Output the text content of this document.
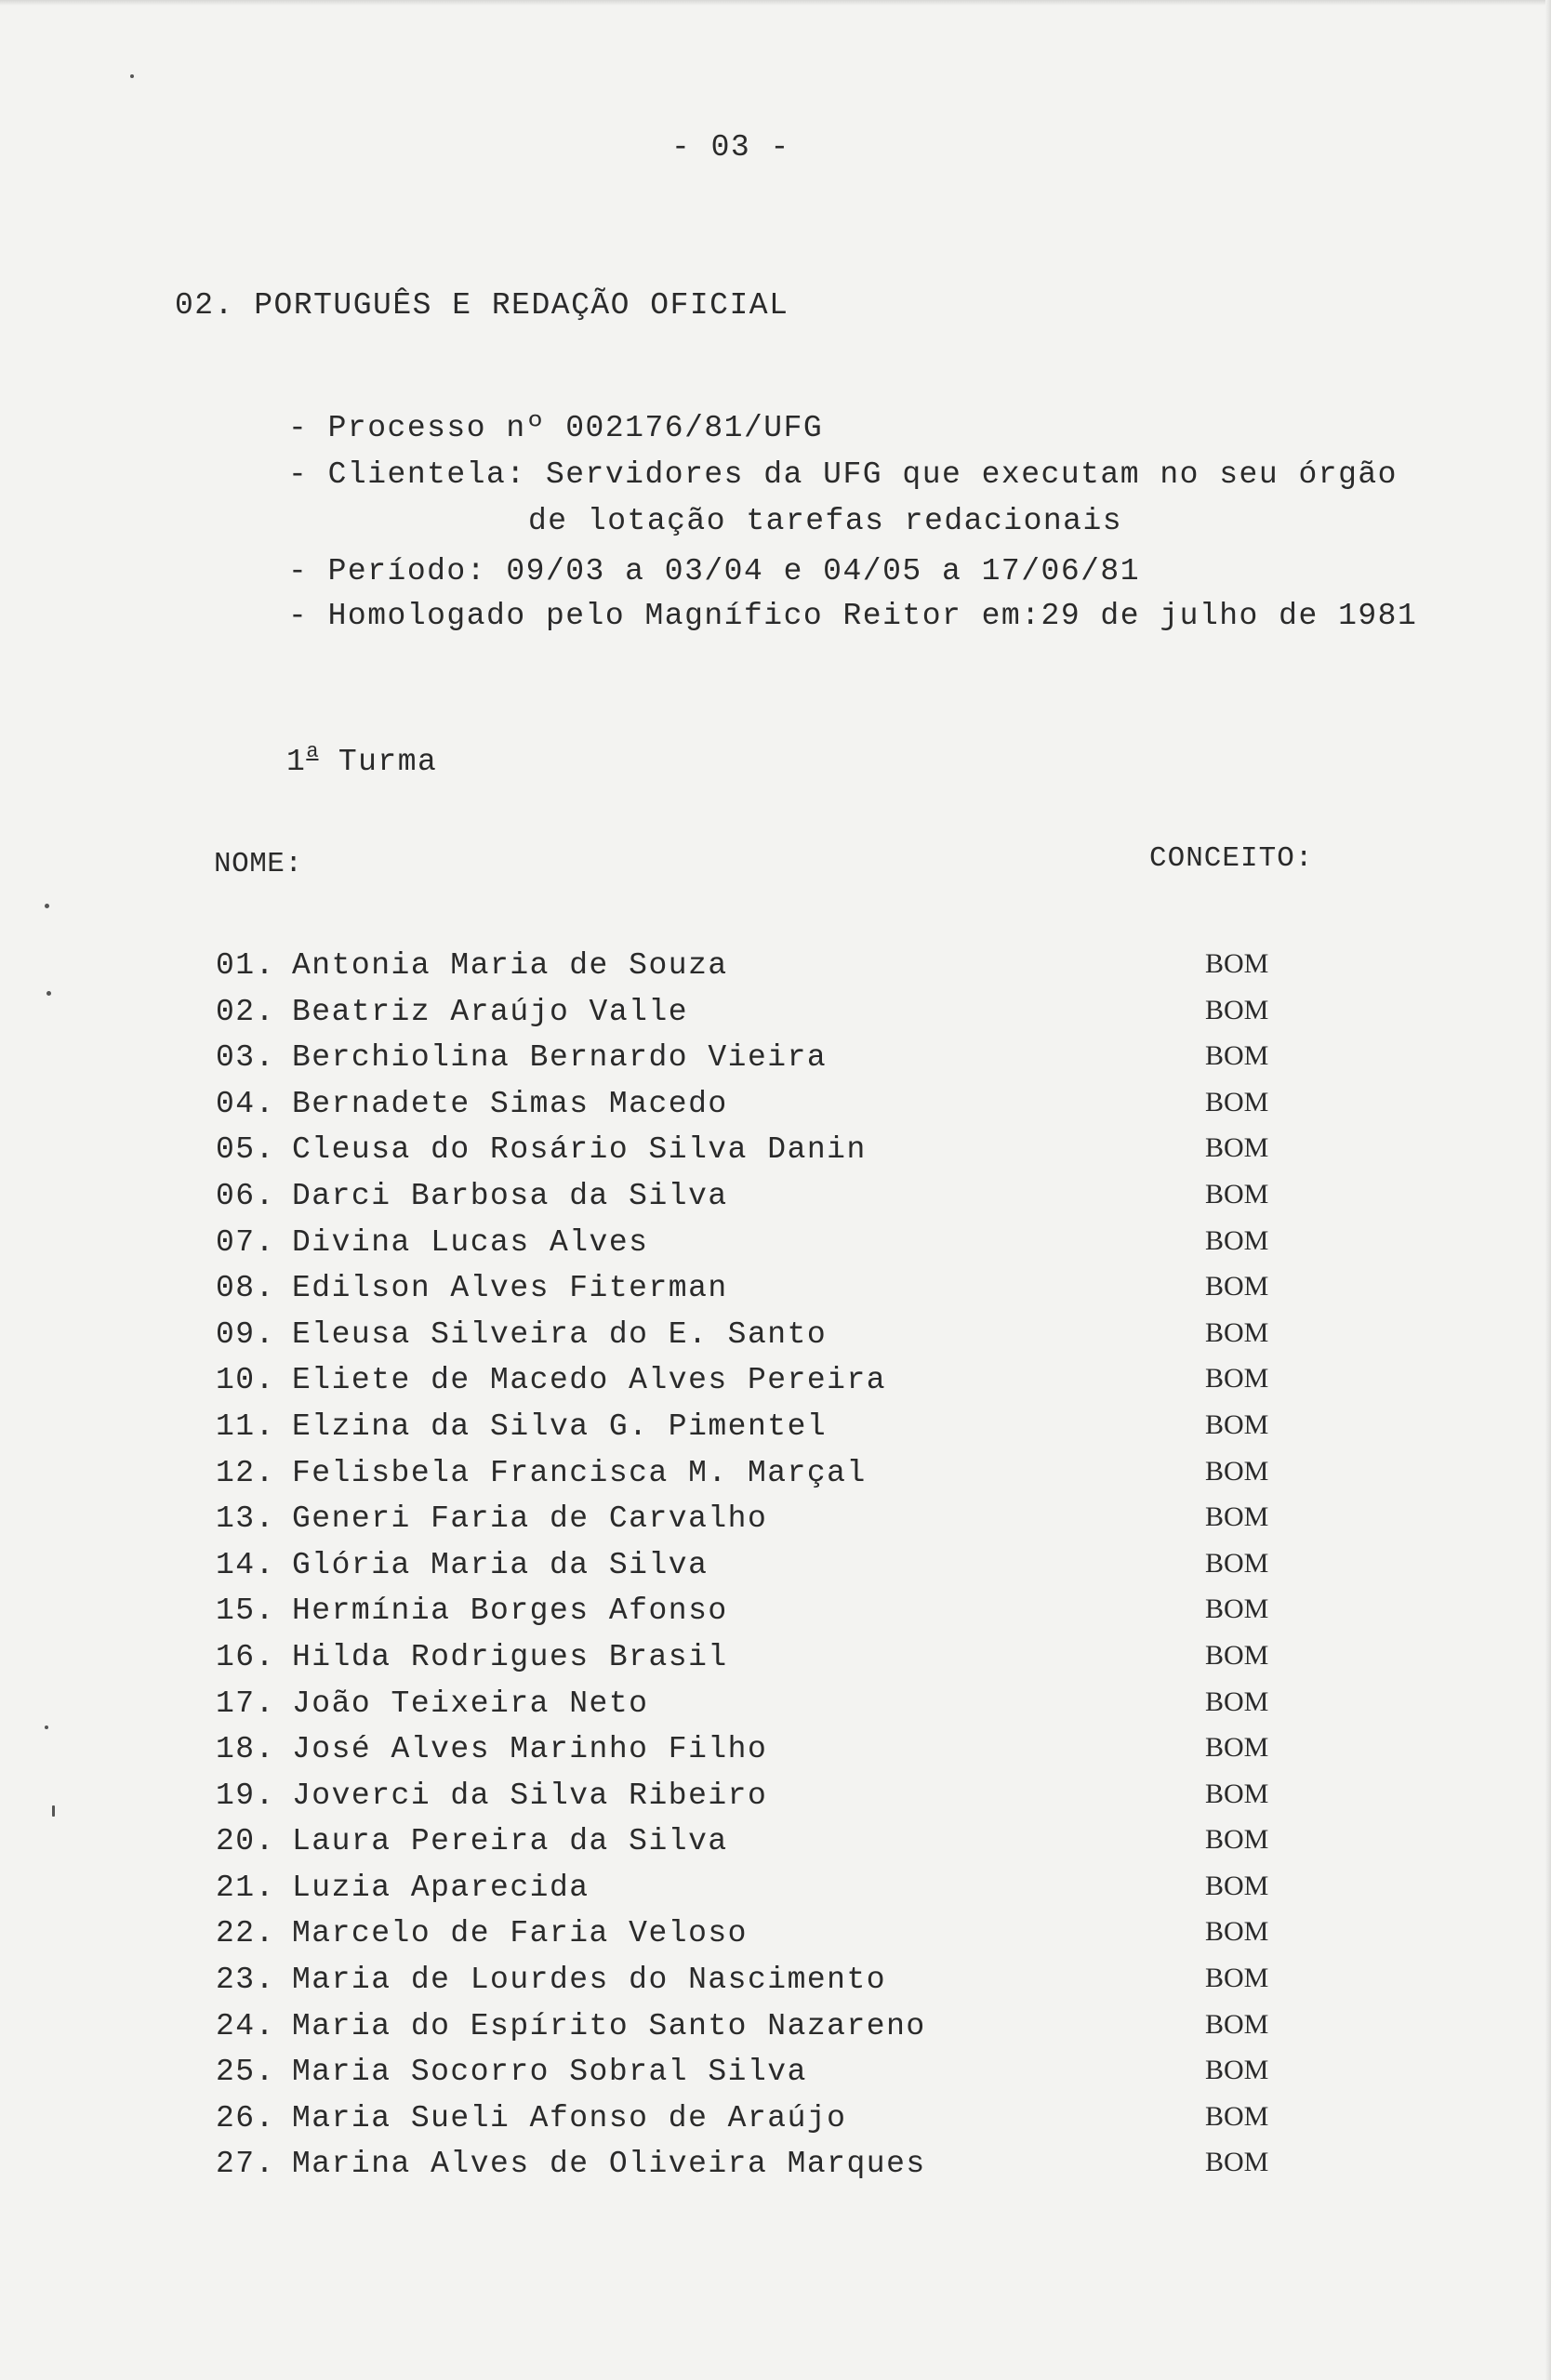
- 03 -
02. PORTUGUÊS E REDAÇÃO OFICIAL
- Processo nº 002176/81/UFG
- Clientela: Servidores da UFG que executam no seu órgão
de lotação tarefas redacionais
- Período: 09/03 a 03/04 e 04/05 a 17/06/81
- Homologado pelo Magnífico Reitor em:29 de julho de 1981
1$^a$ Turma
NOME:	CONCEITO:
01. Antonia Maria de Souza	BOM
02. Beatriz Araújo Valle	BOM
03. Berchiolina Bernardo Vieira	BOM
04. Bernadete Simas Macedo	BOM
05. Cleusa do Rosário Silva Danin	BOM
06. Darci Barbosa da Silva	BOM
07. Divina Lucas Alves	BOM
08. Edilson Alves Fiterman	BOM
09. Eleusa Silveira do E. Santo	BOM
10. Eliete de Macedo Alves Pereira	BOM
11. Elzina da Silva G. Pimentel	BOM
12. Felisbela Francisca M. Marçal	BOM
13. Generi Faria de Carvalho	BOM
14. Glória Maria da Silva	BOM
15. Hermínia Borges Afonso	BOM
16. Hilda Rodrigues Brasil	BOM
17. João Teixeira Neto	BOM
18. José Alves Marinho Filho	BOM
19. Joverci da Silva Ribeiro	BOM
20. Laura Pereira da Silva	BOM
21. Luzia Aparecida	BOM
22. Marcelo de Faria Veloso	BOM
23. Maria de Lourdes do Nascimento	BOM
24. Maria do Espírito Santo Nazareno	BOM
25. Maria Socorro Sobral Silva	BOM
26. Maria Sueli Afonso de Araújo	BOM
27. Marina Alves de Oliveira Marques	BOM
